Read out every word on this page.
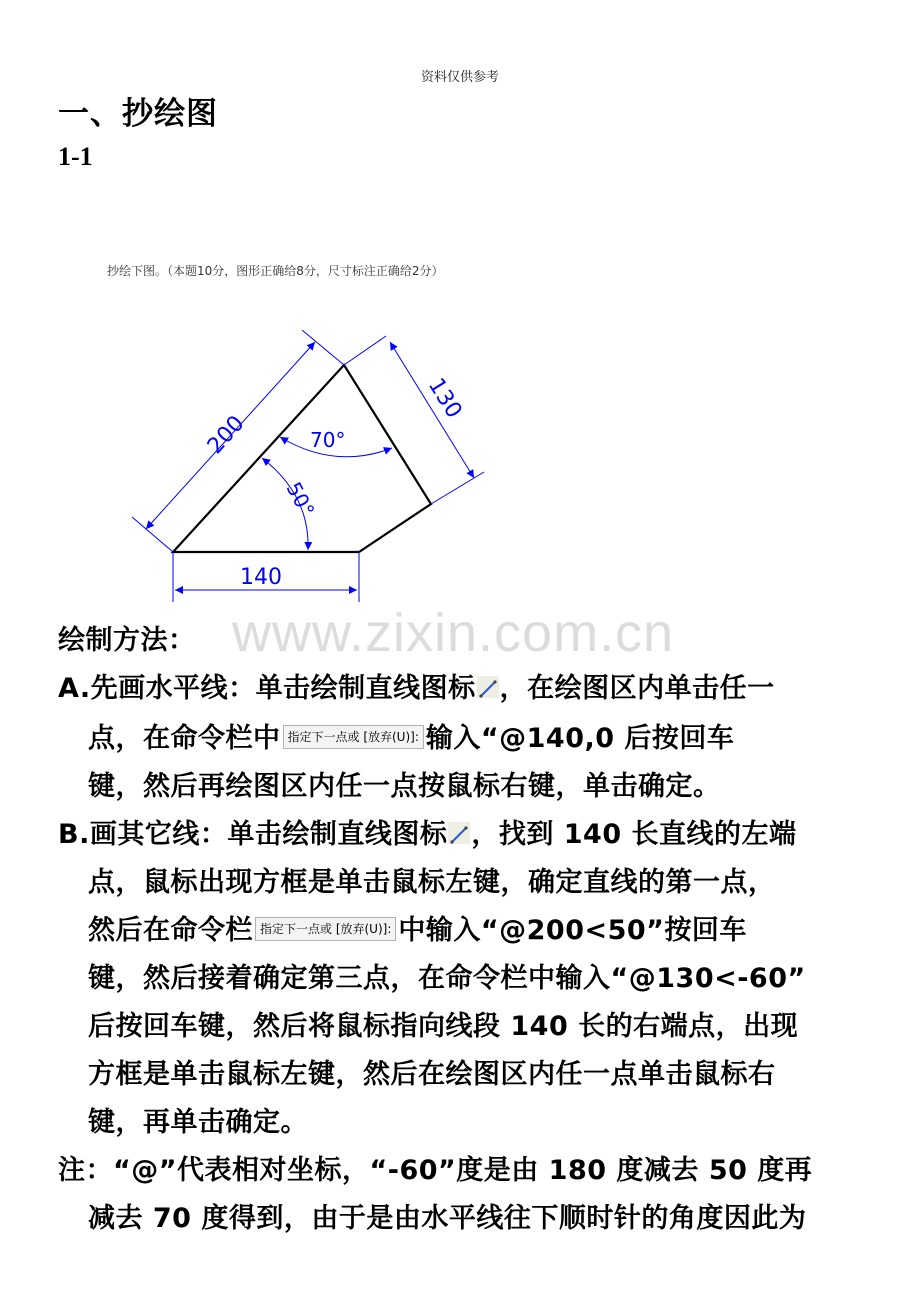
资料仅供参考
一、抄绘图
1-1
抄绘下图。（本题10分，图形正确给8分，尺寸标注正确给2分）
200
130
140
70°
50°
www.zixin.com.cn
绘制方法：
A.先画水平线：单击绘制直线图标 ，在绘图区内单击任一
点，在命令栏中 指定下一点或 [放弃(U)]: 输入“@140,0 后按回车
键，然后再绘图区内任一点按鼠标右键，单击确定。
B.画其它线：单击绘制直线图标 ，找到 140 长直线的左端
点，鼠标出现方框是单击鼠标左键，确定直线的第一点，
然后在命令栏 指定下一点或 [放弃(U)]: 中输入“@200<50”按回车
键，然后接着确定第三点，在命令栏中输入“@130<-60”
后按回车键，然后将鼠标指向线段 140 长的右端点，出现
方框是单击鼠标左键，然后在绘图区内任一点单击鼠标右
键，再单击确定。
注：“@”代表相对坐标，“-60”度是由 180 度减去 50 度再
减去 70 度得到，由于是由水平线往下顺时针的角度因此为
